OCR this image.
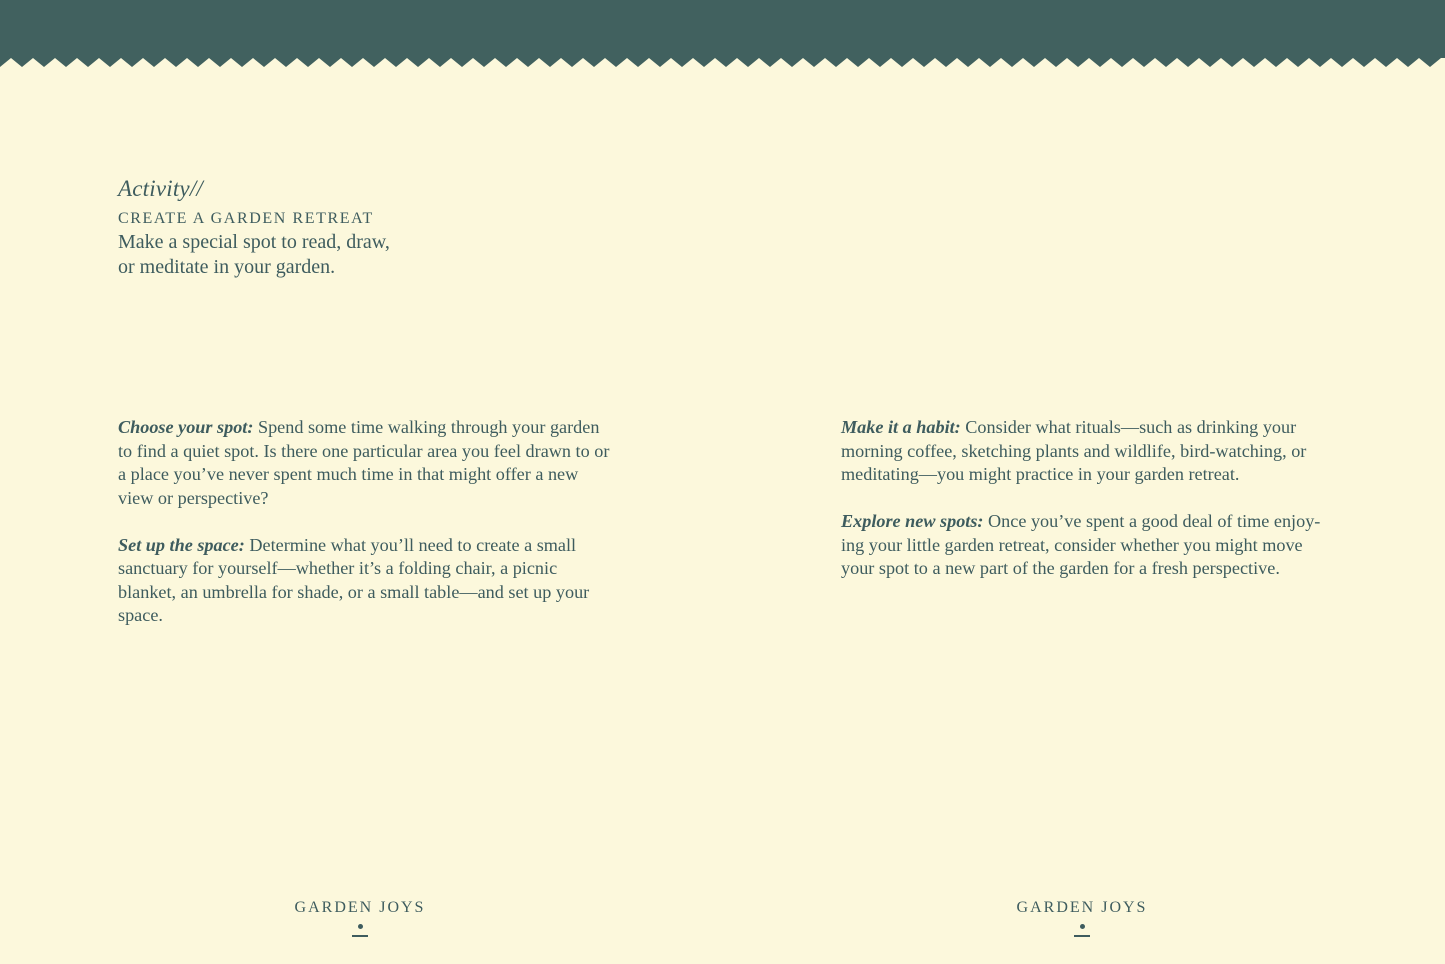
Activity//

CREATE A GARDEN RETREAT

Make a special spot to read, draw, or meditate in your garden.

Choose your spot: Spend some time walking through your garden to find a quiet spot. Is there one particular area you feel drawn to or a place you’ve never spent much time in that might offer a new view or perspective?

Set up the space: Determine what you’ll need to create a small sanctuary for yourself—whether it’s a folding chair, a picnic blanket, an umbrella for shade, or a small table—and set up your space.

Make it a habit: Consider what rituals—such as drinking your morning coffee, sketching plants and wildlife, bird-watching, or meditating—you might practice in your garden retreat.

Explore new spots: Once you’ve spent a good deal of time enjoy- ing your little garden retreat, consider whether you might move your spot to a new part of the garden for a fresh perspective.

GARDEN JOYS	GARDEN JOYS
